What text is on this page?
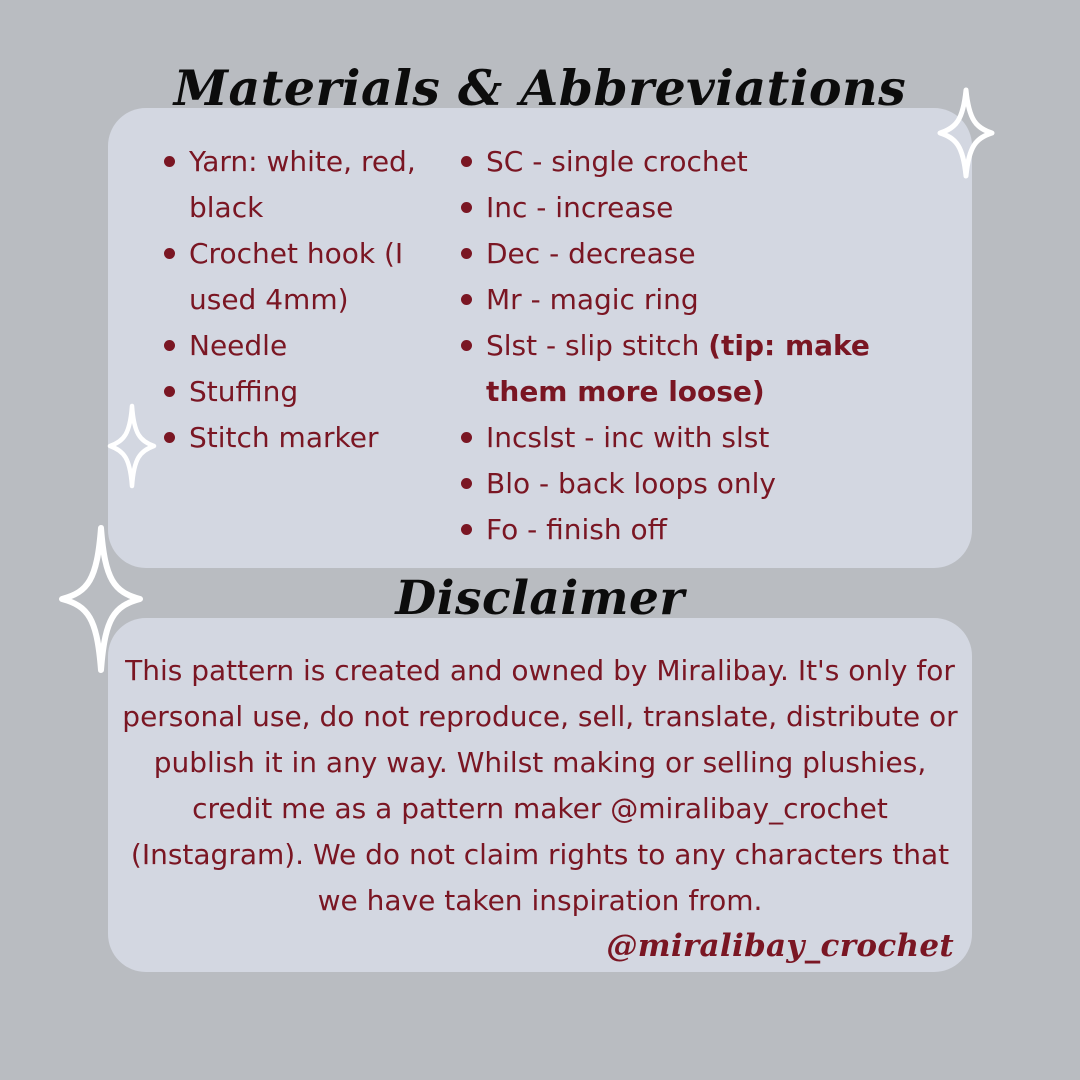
Materials & Abbreviations
Yarn: white, red, black
Crochet hook (I used 4mm)
Needle
Stuffing
Stitch marker
SC - single crochet
Inc - increase
Dec - decrease
Mr - magic ring
Slst - slip stitch (tip: make them more loose)
Incslst - inc with slst
Blo - back loops only
Fo - finish off
Disclaimer

This pattern is created and owned by Miralibay. It's only for personal use, do not reproduce, sell, translate, distribute or publish it in any way. Whilst making or selling plushies, credit me as a pattern maker @miralibay_crochet (Instagram). We do not claim rights to any characters that we have taken inspiration from.

@miralibay_crochet
